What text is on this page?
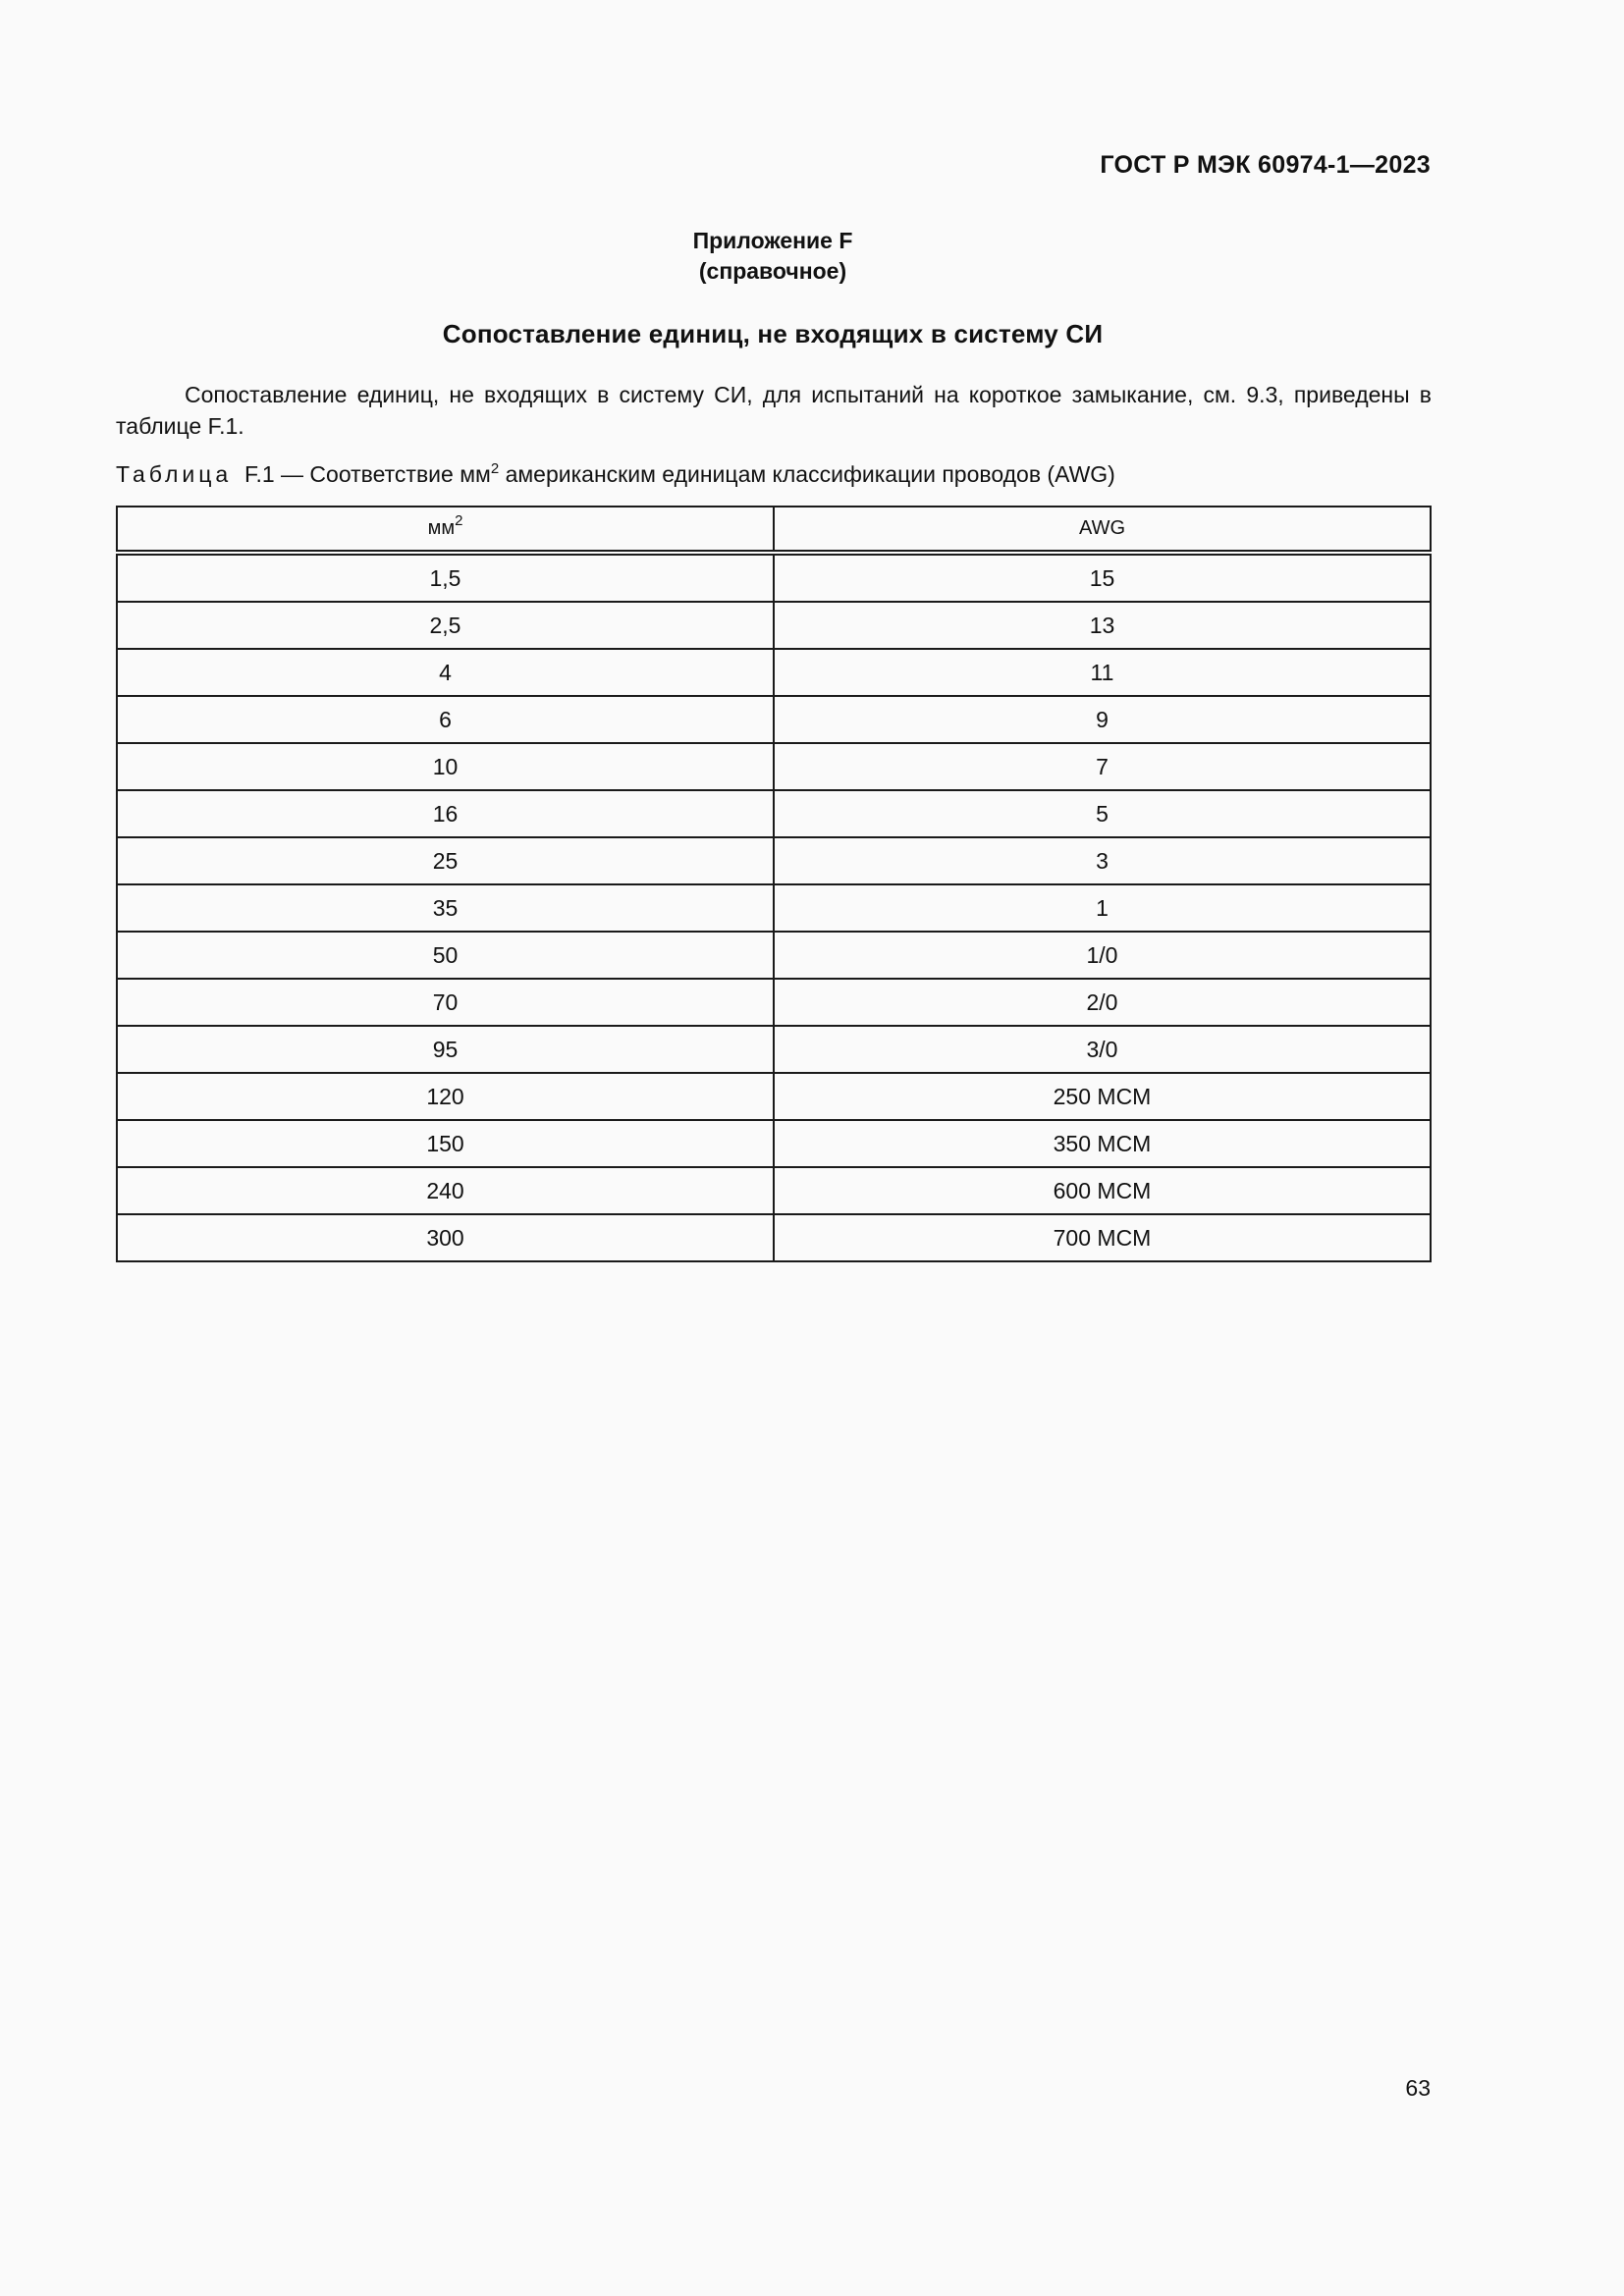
ГОСТ Р МЭК 60974-1—2023
Приложение F
(справочное)
Сопоставление единиц, не входящих в систему СИ
Сопоставление единиц, не входящих в систему СИ, для испытаний на короткое замыкание, см. 9.3, приведены в таблице F.1.
Таблица F.1 — Соответствие $мм^2$ американским единицам классификации проводов (AWG)
$мм^2$	AWG
1,5	15
2,5	13
4	11
6	9
10	7
16	5
25	3
35	1
50	1/0
70	2/0
95	3/0
120	250 MCM
150	350 MCM
240	600 MCM
300	700 MCM
63
